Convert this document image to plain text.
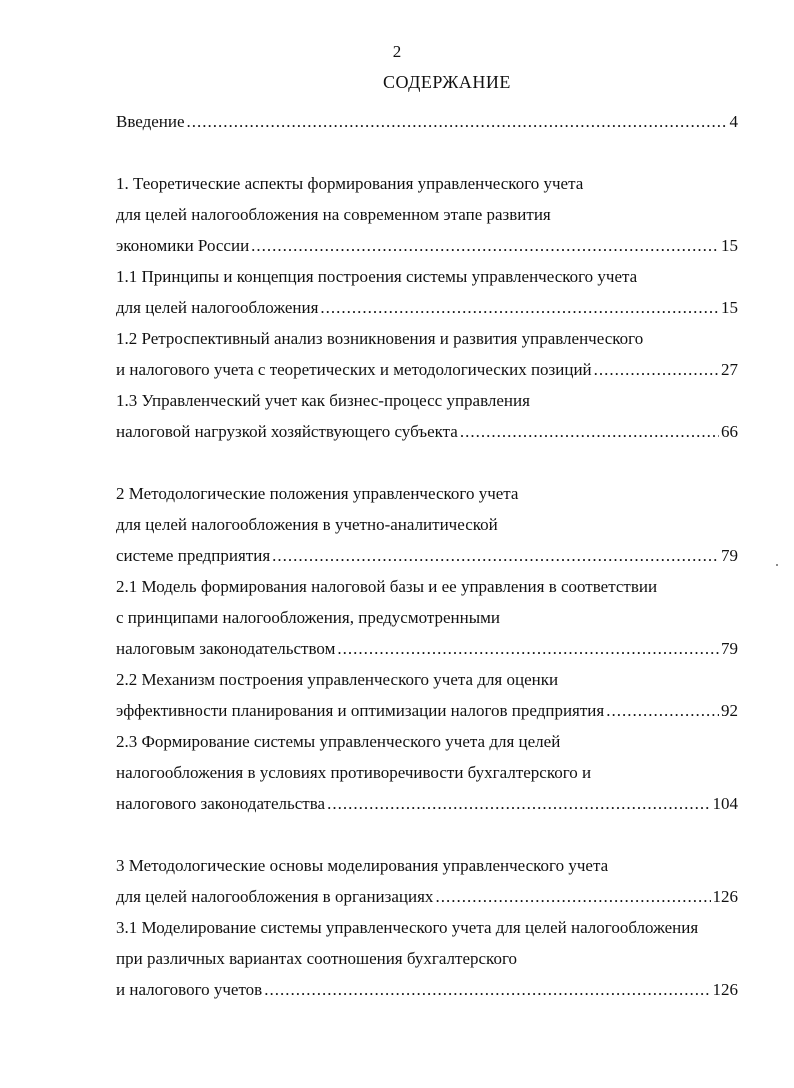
2
СОДЕРЖАНИЕ
Введение .....	4
1. Теоретические аспекты формирования управленческого учета
для целей налогообложения на современном этапе развития
экономики России .....	15
1.1 Принципы и концепция построения системы управленческого учета
для целей налогообложения .....	15
1.2 Ретроспективный анализ возникновения и развития управленческого
и налогового учета с теоретических и методологических позиций .....	27
1.3 Управленческий учет как бизнес-процесс управления
налоговой нагрузкой хозяйствующего субъекта .....	66
2 Методологические положения управленческого учета
для целей налогообложения в учетно-аналитической
системе предприятия .....	79
2.1 Модель формирования налоговой базы и ее управления в соответствии
с принципами налогообложения, предусмотренными
налоговым законодательством .....	79
2.2 Механизм построения управленческого учета для оценки
эффективности планирования и оптимизации налогов предприятия .....	92
2.3 Формирование системы управленческого учета для целей
налогообложения в условиях противоречивости бухгалтерского и
налогового законодательства .....	104
3 Методологические основы моделирования управленческого учета
для целей налогообложения в организациях .....	126
3.1 Моделирование системы управленческого учета для целей налогообложения
при различных вариантах соотношения бухгалтерского
и налогового учетов .....	126
